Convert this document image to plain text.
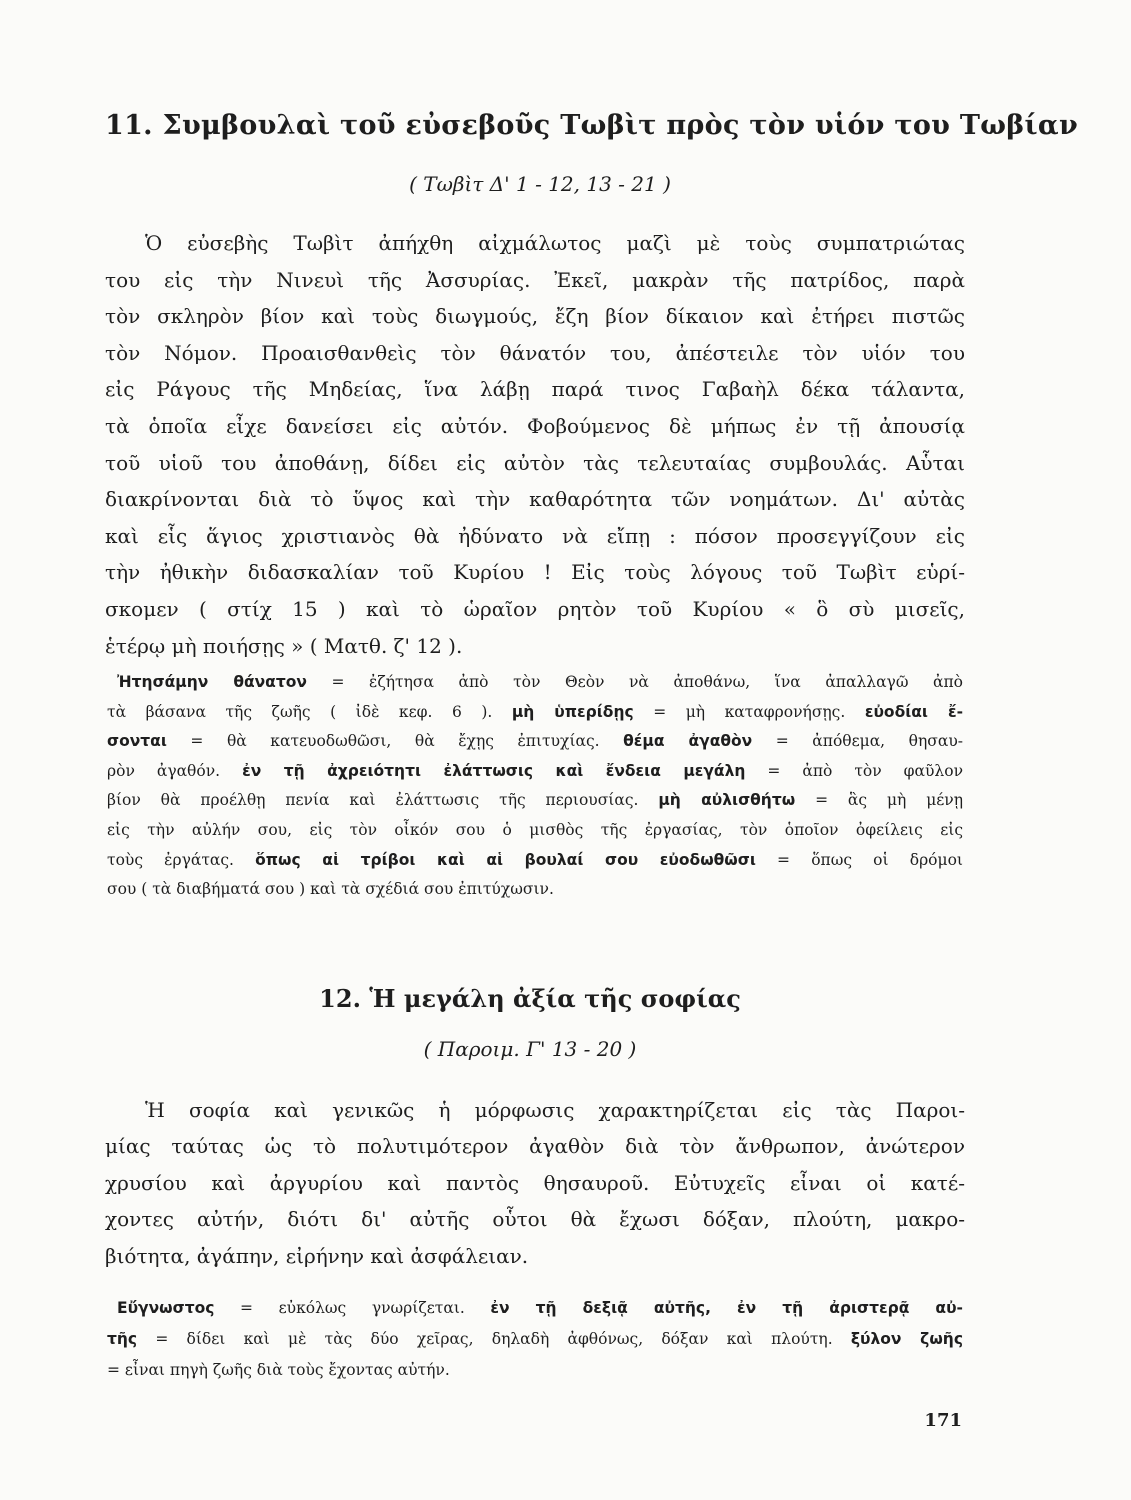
11. Συμβουλαὶ τοῦ εὐσεβοῦς Τωβὶτ πρὸς τὸν υἱόν του Τωβίαν
( Τωβὶτ Δ' 1 - 12, 13 - 21 )
Ὁ εὐσεβὴς Τωβὶτ ἀπήχθη αἰχμάλωτος μαζὶ μὲ τοὺς συμπατριώτας
του εἰς τὴν Νινευὶ τῆς Ἀσσυρίας. Ἐκεῖ, μακρὰν τῆς πατρίδος, παρὰ
τὸν σκληρὸν βίον καὶ τοὺς διωγμούς, ἔζη βίον δίκαιον καὶ ἐτήρει πιστῶς
τὸν Νόμον. Προαισθανθεὶς τὸν θάνατόν του, ἀπέστειλε τὸν υἱόν του
εἰς Ράγους τῆς Μηδείας, ἵνα λάβῃ παρά τινος Γαβαὴλ δέκα τάλαντα,
τὰ ὁποῖα εἶχε δανείσει εἰς αὐτόν. Φοβούμενος δὲ μήπως ἐν τῇ ἀπουσίᾳ
τοῦ υἱοῦ του ἀποθάνῃ, δίδει εἰς αὐτὸν τὰς τελευταίας συμβουλάς. Αὗται
διακρίνονται διὰ τὸ ὕψος καὶ τὴν καθαρότητα τῶν νοημάτων. Δι' αὐτὰς
καὶ εἷς ἅγιος χριστιανὸς θὰ ἠδύνατο νὰ εἴπῃ : πόσον προσεγγίζουν εἰς
τὴν ἠθικὴν διδασκαλίαν τοῦ Κυρίου ! Εἰς τοὺς λόγους τοῦ Τωβὶτ εὑρί-
σκομεν ( στίχ 15 ) καὶ τὸ ὡραῖον ρητὸν τοῦ Κυρίου « ὃ σὺ μισεῖς,
ἑτέρῳ μὴ ποιήσῃς » ( Ματθ. ζ' 12 ).
Ἠτησάμην θάνατον = ἐζήτησα ἀπὸ τὸν Θεὸν νὰ ἀποθάνω, ἵνα ἀπαλλαγῶ ἀπὸ
τὰ βάσανα τῆς ζωῆς ( ἰδὲ κεφ. 6 ). μὴ ὑπερίδῃς = μὴ καταφρονήσῃς. εὐοδίαι ἔ-
σονται = θὰ κατευοδωθῶσι, θὰ ἔχῃς ἐπιτυχίας. θέμα ἀγαθὸν = ἀπόθεμα, θησαυ-
ρὸν ἀγαθόν. ἐν τῇ ἀχρειότητι ἐλάττωσις καὶ ἔνδεια μεγάλη = ἀπὸ τὸν φαῦλον
βίον θὰ προέλθῃ πενία καὶ ἐλάττωσις τῆς περιουσίας. μὴ αὐλισθήτω = ἃς μὴ μένῃ
εἰς τὴν αὐλήν σου, εἰς τὸν οἶκόν σου ὁ μισθὸς τῆς ἐργασίας, τὸν ὁποῖον ὀφείλεις εἰς
τοὺς ἐργάτας. ὅπως αἱ τρίβοι καὶ αἱ βουλαί σου εὐοδωθῶσι = ὅπως οἱ δρόμοι
σου ( τὰ διαβήματά σου ) καὶ τὰ σχέδιά σου ἐπιτύχωσιν.
12. Ἡ μεγάλη ἀξία τῆς σοφίας
( Παροιμ. Γ' 13 - 20 )
Ἡ σοφία καὶ γενικῶς ἡ μόρφωσις χαρακτηρίζεται εἰς τὰς Παροι-
μίας ταύτας ὡς τὸ πολυτιμότερον ἀγαθὸν διὰ τὸν ἄνθρωπον, ἀνώτερον
χρυσίου καὶ ἀργυρίου καὶ παντὸς θησαυροῦ. Εὐτυχεῖς εἶναι οἱ κατέ-
χοντες αὐτήν, διότι δι' αὐτῆς οὗτοι θὰ ἔχωσι δόξαν, πλούτη, μακρο-
βιότητα, ἀγάπην, εἰρήνην καὶ ἀσφάλειαν.
Εὔγνωστος = εὐκόλως γνωρίζεται. ἐν τῇ δεξιᾷ αὐτῆς, ἐν τῇ ἀριστερᾷ αὐ-
τῆς = δίδει καὶ μὲ τὰς δύο χεῖρας, δηλαδὴ ἀφθόνως, δόξαν καὶ πλούτη. ξύλον ζωῆς
= εἶναι πηγὴ ζωῆς διὰ τοὺς ἔχοντας αὐτήν.
171
